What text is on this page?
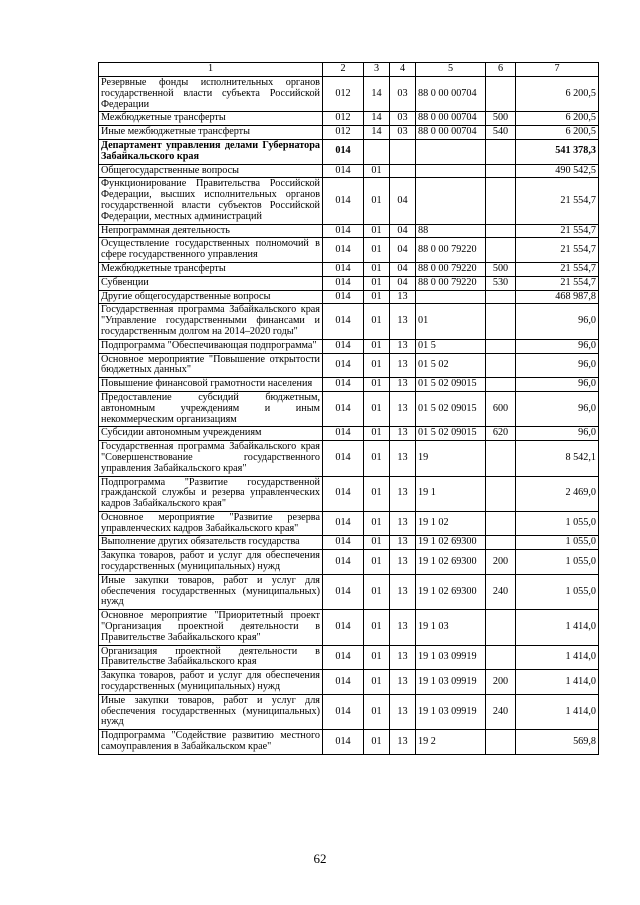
1	2	3	4	5	6	7
Резервные фонды исполнительных органов государственной власти субъекта Российской Федерации	012	14	03	88 0 00 00704		6 200,5
Межбюджетные трансферты	012	14	03	88 0 00 00704	500	6 200,5
Иные межбюджетные трансферты	012	14	03	88 0 00 00704	540	6 200,5
Департамент управления делами Губернатора Забайкальского края	014					541 378,3
Общегосударственные вопросы	014	01				490 542,5
Функционирование Правительства Российской Федерации, высших исполнительных органов государственной власти субъектов Российской Федерации, местных администраций	014	01	04			21 554,7
Непрограммная деятельность	014	01	04	88		21 554,7
Осуществление государственных полномочий в сфере государственного управления	014	01	04	88 0 00 79220		21 554,7
Межбюджетные трансферты	014	01	04	88 0 00 79220	500	21 554,7
Субвенции	014	01	04	88 0 00 79220	530	21 554,7
Другие общегосударственные вопросы	014	01	13			468 987,8
Государственная программа Забайкальского края "Управление государственными финансами и государственным долгом на 2014–2020 годы"	014	01	13	01		96,0
Подпрограмма "Обеспечивающая подпрограмма"	014	01	13	01 5		96,0
Основное мероприятие "Повышение открытости бюджетных данных"	014	01	13	01 5 02		96,0
Повышение финансовой грамотности населения	014	01	13	01 5 02 09015		96,0
Предоставление субсидий бюджетным, автономным учреждениям и иным некоммерческим организациям	014	01	13	01 5 02 09015	600	96,0
Субсидии автономным учреждениям	014	01	13	01 5 02 09015	620	96,0
Государственная программа Забайкальского края "Совершенствование государственного управления Забайкальского края"	014	01	13	19		8 542,1
Подпрограмма "Развитие государственной гражданской службы и резерва управленческих кадров Забайкальского края"	014	01	13	19 1		2 469,0
Основное мероприятие "Развитие резерва управленческих кадров Забайкальского края"	014	01	13	19 1 02		1 055,0
Выполнение других обязательств государства	014	01	13	19 1 02 69300		1 055,0
Закупка товаров, работ и услуг для обеспечения государственных (муниципальных) нужд	014	01	13	19 1 02 69300	200	1 055,0
Иные закупки товаров, работ и услуг для обеспечения государственных (муниципальных) нужд	014	01	13	19 1 02 69300	240	1 055,0
Основное мероприятие "Приоритетный проект "Организация проектной деятельности в Правительстве Забайкальского края"	014	01	13	19 1 03		1 414,0
Организация проектной деятельности в Правительстве Забайкальского края	014	01	13	19 1 03 09919		1 414,0
Закупка товаров, работ и услуг для обеспечения государственных (муниципальных) нужд	014	01	13	19 1 03 09919	200	1 414,0
Иные закупки товаров, работ и услуг для обеспечения государственных (муниципальных) нужд	014	01	13	19 1 03 09919	240	1 414,0
Подпрограмма "Содействие развитию местного самоуправления в Забайкальском крае"	014	01	13	19 2		569,8
62
